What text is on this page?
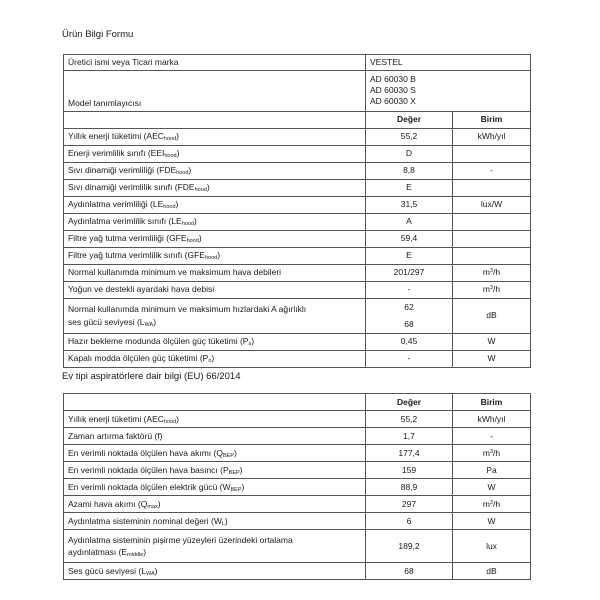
Ürün Bilgi Formu
Üretici ismi veya Ticari marka	VESTEL	
Model tanımlayıcısı	AD 60030 B
AD 60030 S
AD 60030 X	

	Değer	Birim
Yıllık enerji tüketimi $(AEC_{hood})$	55,2	kWh/yıl
Enerji verimlilik sınıfı $(EEI_{hood})$	D	
Sıvı dinamiği verimliliği $(FDE_{hood})$	8,8	-
Sıvı dinamiği verimlilik sınıfı $(FDE_{hood})$	E	
Aydınlatma verimliliği $(LE_{hood})$	31,5	lux/W
Aydınlatma verimlilik sınıfı $(LE_{hood})$	A	
Filtre yağ tutma verimliliği $(GFE_{hood})$	59,4	
Filtre yağ tutma verimlilik sınıfı $(GFE_{hood})$	E	
Normal kullanımda minimum ve maksimum hava debileri	201/297	$m^3/h$
Yoğun ve destekli ayardaki hava debisi	-	$m^3/h$

Normal kullanımda minimum ve maksimum hızlardaki A ağırlıklı
ses gücü seviyesi $(L_{WA})$	62	dB
	68	
Hazır bekleme modunda ölçülen güç tüketimi $(P_s)$	0,45	W
Kapalı modda ölçülen güç tüketimi $(P_o)$	-	W
Ev tipi aspiratörlere dair bilgi (EU) 66/2014
	Değer	Birim
Yıllık enerji tüketimi $(AEC_{hood})$	55,2	kWh/yıl
Zaman artırma faktörü (f)	1,7	-
En verimli noktada ölçülen hava akımı $(Q_{BEP})$	177,4	$m^3/h$
En verimli noktada ölçülen hava basıncı $(P_{BEP})$	159	Pa
En verimli noktada ölçülen elektrik gücü $(W_{BEP})$	88,9	W
Azami hava akımı $(Q_{max})$	297	$m^3/h$
Aydınlatma sisteminin nominal değeri $(W_L)$	6	W

Aydınlatma sisteminin pişirme yüzeyleri üzerindeki ortalama
aydınlatması $(E_{middle})$	189,2	lux
Ses gücü seviyesi $(L_{WA})$	68	dB
